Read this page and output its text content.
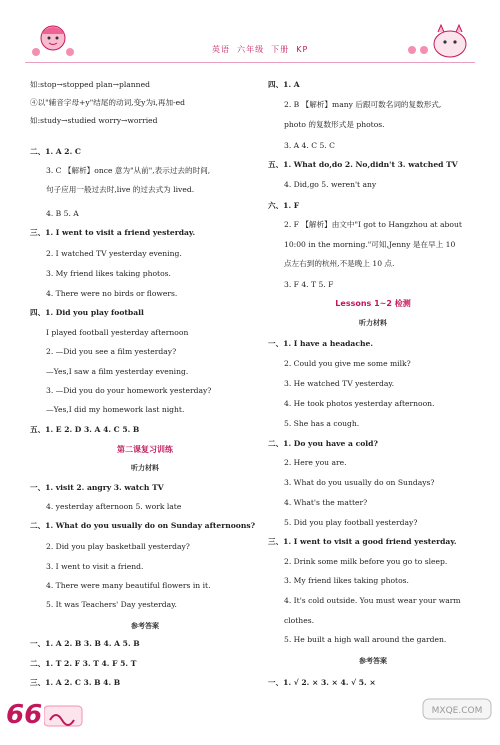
英语  六年级  下册  KP
如:stop→stopped plan→planned
④以"辅音字母+y"结尾的动词,变y为i,再加-ed
如:study→studied worry→worried
二、1. A 2. C
3. C 【解析】once 意为"从前",表示过去的时间,
句子应用一般过去时,live 的过去式为 lived.
4. B 5. A
三、1. I went to visit a friend yesterday.
2. I watched TV yesterday evening.
3. My friend likes taking photos.
4. There were no birds or flowers.
四、1. Did you play football
I played football yesterday afternoon
2. —Did you see a film yesterday?
—Yes,I saw a film yesterday evening.
3. —Did you do your homework yesterday?
—Yes,I did my homework last night.
五、1. E 2. D 3. A 4. C 5. B
第二课复习训练
听力材料
一、1. visit 2. angry 3. watch TV
4. yesterday afternoon 5. work late
二、1. What do you usually do on Sunday afternoons?
2. Did you play basketball yesterday?
3. I went to visit a friend.
4. There were many beautiful flowers in it.
5. It was Teachers' Day yesterday.
参考答案
一、1. A 2. B 3. B 4. A 5. B
二、1. T 2. F 3. T 4. F 5. T
三、1. A 2. C 3. B 4. B
四、1. A
2. B 【解析】many 后跟可数名词的复数形式,
photo 的复数形式是 photos.
3. A 4. C 5. C
五、1. What do,do 2. No,didn't 3. watched TV
4. Did,go 5. weren't any
六、1. F
2. F 【解析】由文中"I got to Hangzhou at about
10:00 in the morning."可知,Jenny 是在早上 10
点左右到的杭州,不是晚上 10 点.
3. F 4. T 5. F
Lessons 1~2 检测
听力材料
一、1. I have a headache.
2. Could you give me some milk?
3. He watched TV yesterday.
4. He took photos yesterday afternoon.
5. She has a cough.
二、1. Do you have a cold?
2. Here you are.
3. What do you usually do on Sundays?
4. What's the matter?
5. Did you play football yesterday?
三、1. I went to visit a good friend yesterday.
2. Drink some milk before you go to sleep.
3. My friend likes taking photos.
4. It's cold outside. You must wear your warm
clothes.
5. He built a high wall around the garden.
参考答案
一、1. √ 2. × 3. × 4. √ 5. ×
66	MXQE.COM
